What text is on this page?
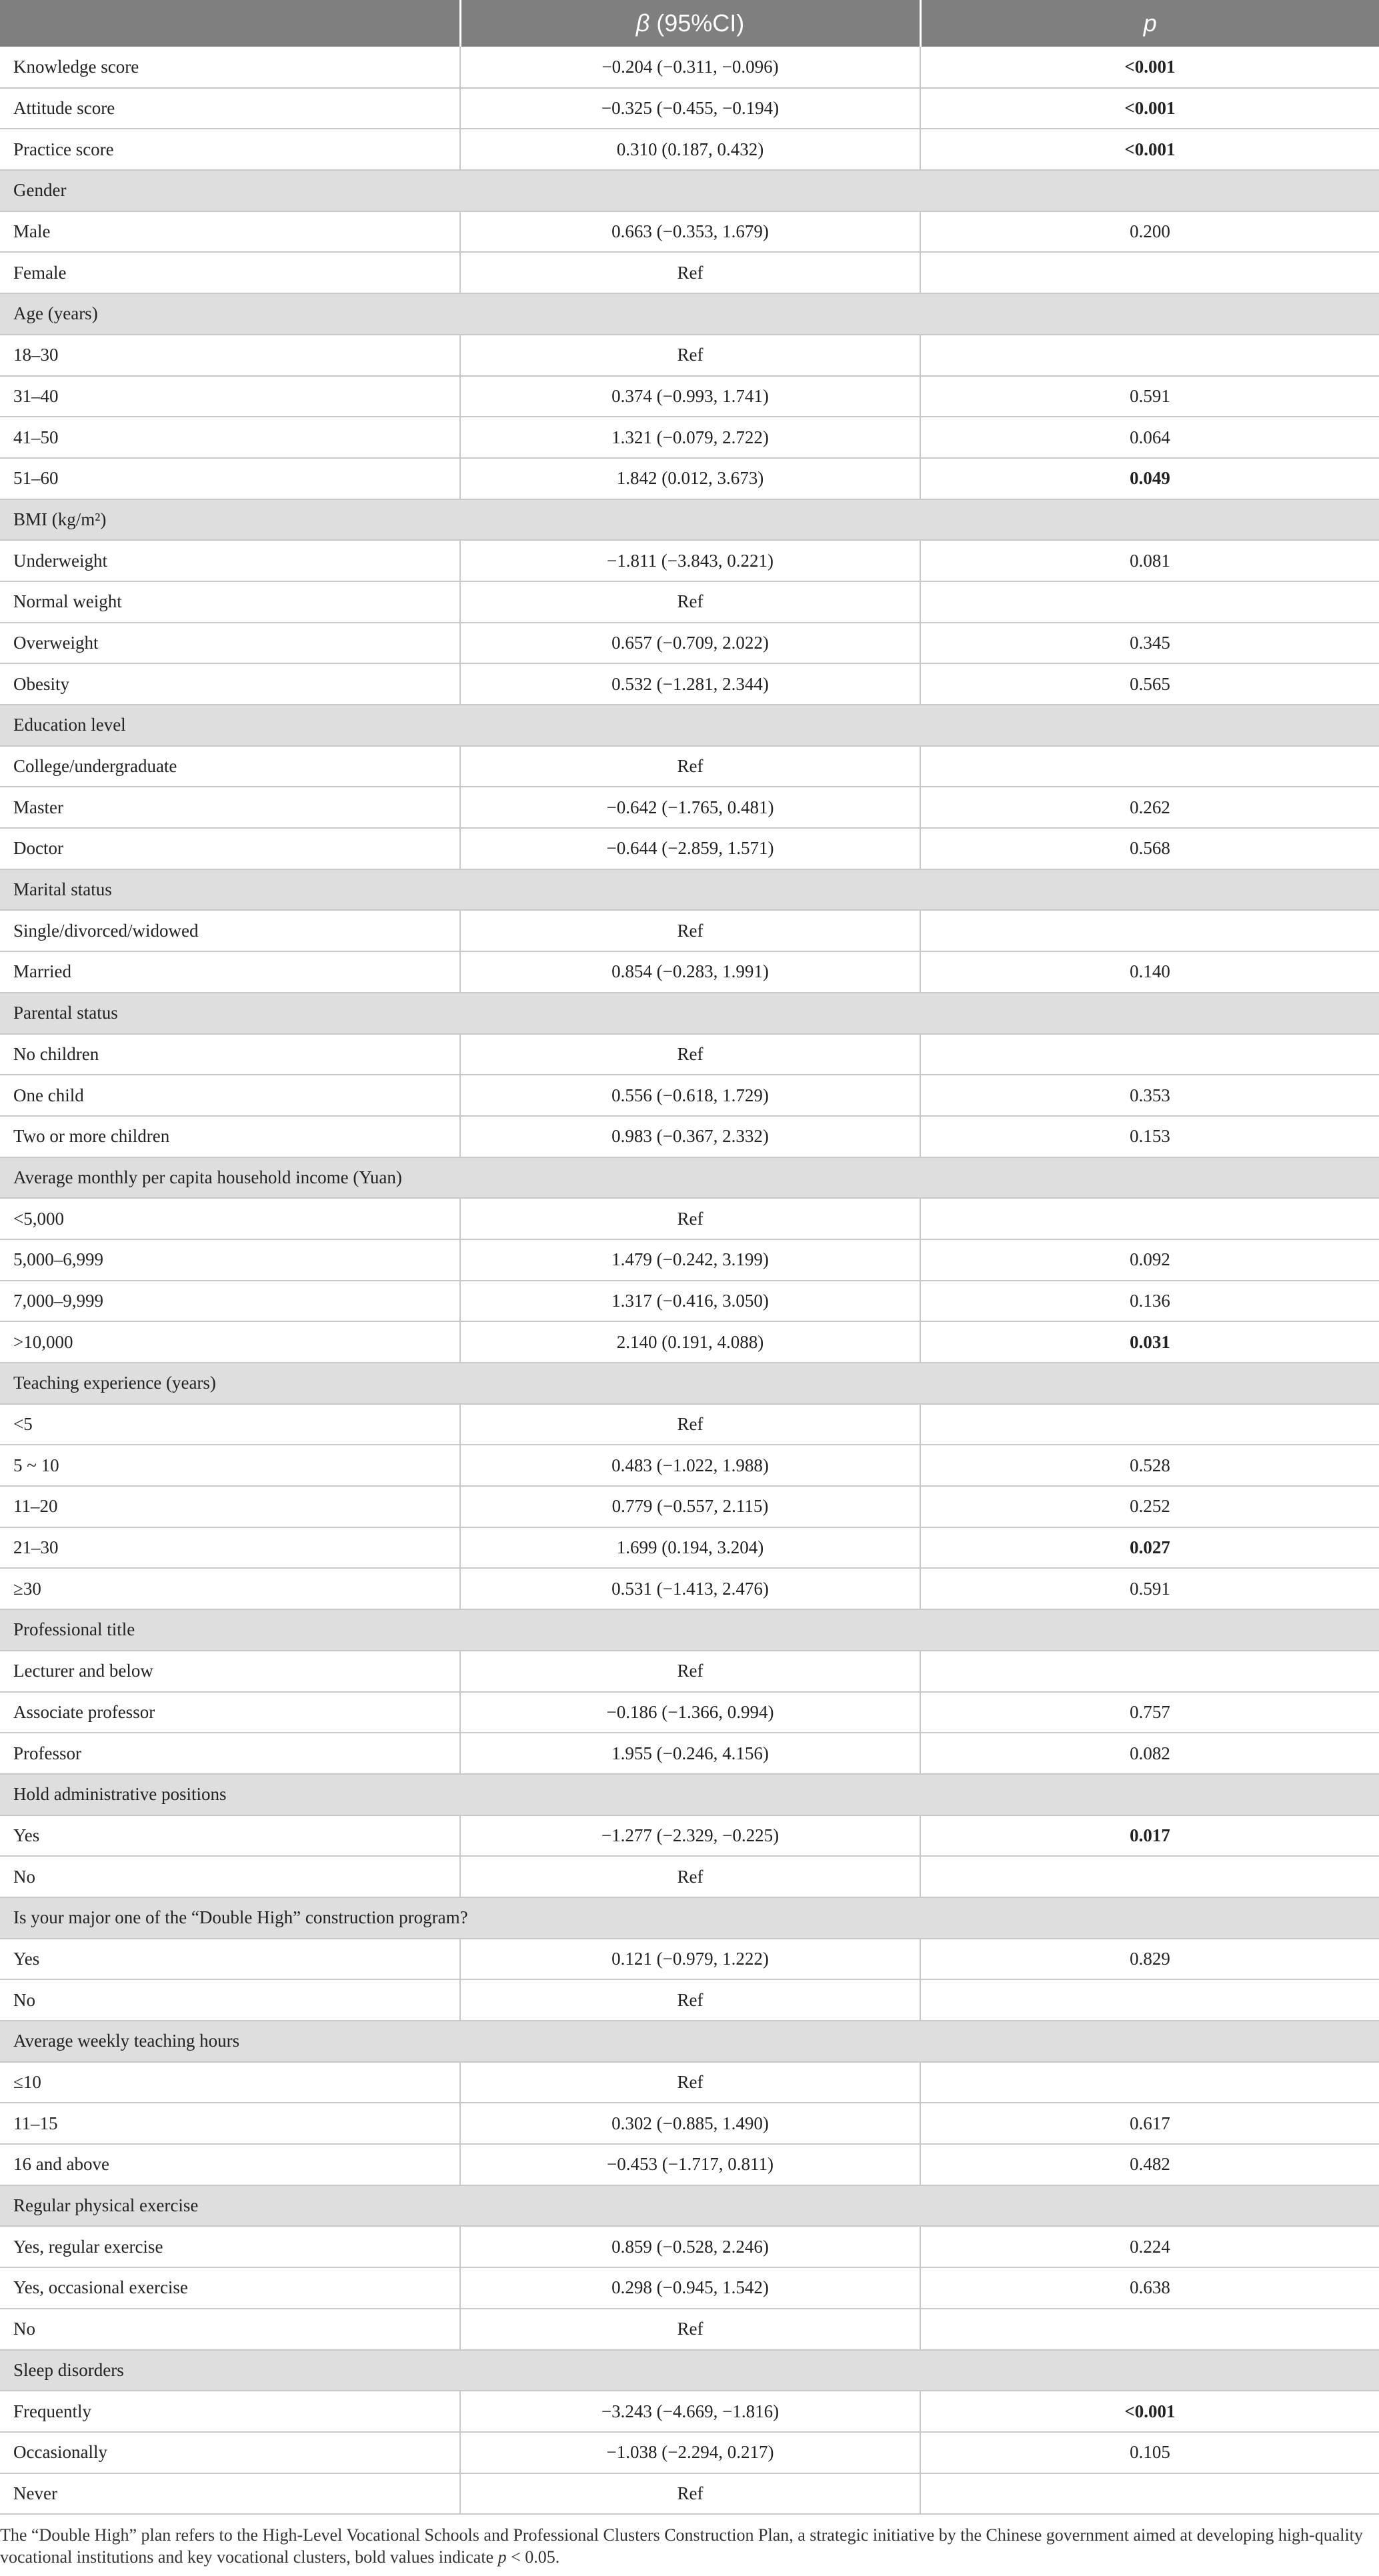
	β (95%CI)	p
Knowledge score	−0.204 (−0.311, −0.096)	<0.001
Attitude score	−0.325 (−0.455, −0.194)	<0.001
Practice score	0.310 (0.187, 0.432)	<0.001
Gender		
Male	0.663 (−0.353, 1.679)	0.200
Female	Ref	
Age (years)		
18–30	Ref	
31–40	0.374 (−0.993, 1.741)	0.591
41–50	1.321 (−0.079, 2.722)	0.064
51–60	1.842 (0.012, 3.673)	0.049
BMI (kg/m²)		
Underweight	−1.811 (−3.843, 0.221)	0.081
Normal weight	Ref	
Overweight	0.657 (−0.709, 2.022)	0.345
Obesity	0.532 (−1.281, 2.344)	0.565
Education level		
College/undergraduate	Ref	
Master	−0.642 (−1.765, 0.481)	0.262
Doctor	−0.644 (−2.859, 1.571)	0.568
Marital status		
Single/divorced/widowed	Ref	
Married	0.854 (−0.283, 1.991)	0.140
Parental status		
No children	Ref	
One child	0.556 (−0.618, 1.729)	0.353
Two or more children	0.983 (−0.367, 2.332)	0.153
Average monthly per capita household income (Yuan)		
<5,000	Ref	
5,000–6,999	1.479 (−0.242, 3.199)	0.092
7,000–9,999	1.317 (−0.416, 3.050)	0.136
>10,000	2.140 (0.191, 4.088)	0.031
Teaching experience (years)		
<5	Ref	
5 ~ 10	0.483 (−1.022, 1.988)	0.528
11–20	0.779 (−0.557, 2.115)	0.252
21–30	1.699 (0.194, 3.204)	0.027
≥30	0.531 (−1.413, 2.476)	0.591
Professional title		
Lecturer and below	Ref	
Associate professor	−0.186 (−1.366, 0.994)	0.757
Professor	1.955 (−0.246, 4.156)	0.082
Hold administrative positions		
Yes	−1.277 (−2.329, −0.225)	0.017
No	Ref	
Is your major one of the “Double High” construction program?		
Yes	0.121 (−0.979, 1.222)	0.829
No	Ref	
Average weekly teaching hours		
≤10	Ref	
11–15	0.302 (−0.885, 1.490)	0.617
16 and above	−0.453 (−1.717, 0.811)	0.482
Regular physical exercise		
Yes, regular exercise	0.859 (−0.528, 2.246)	0.224
Yes, occasional exercise	0.298 (−0.945, 1.542)	0.638
No	Ref	
Sleep disorders		
Frequently	−3.243 (−4.669, −1.816)	<0.001
Occasionally	−1.038 (−2.294, 0.217)	0.105
Never	Ref	
The “Double High” plan refers to the High-Level Vocational Schools and Professional Clusters Construction Plan, a strategic initiative by the Chinese government aimed at developing high-quality vocational institutions and key vocational clusters, bold values indicate p < 0.05.
